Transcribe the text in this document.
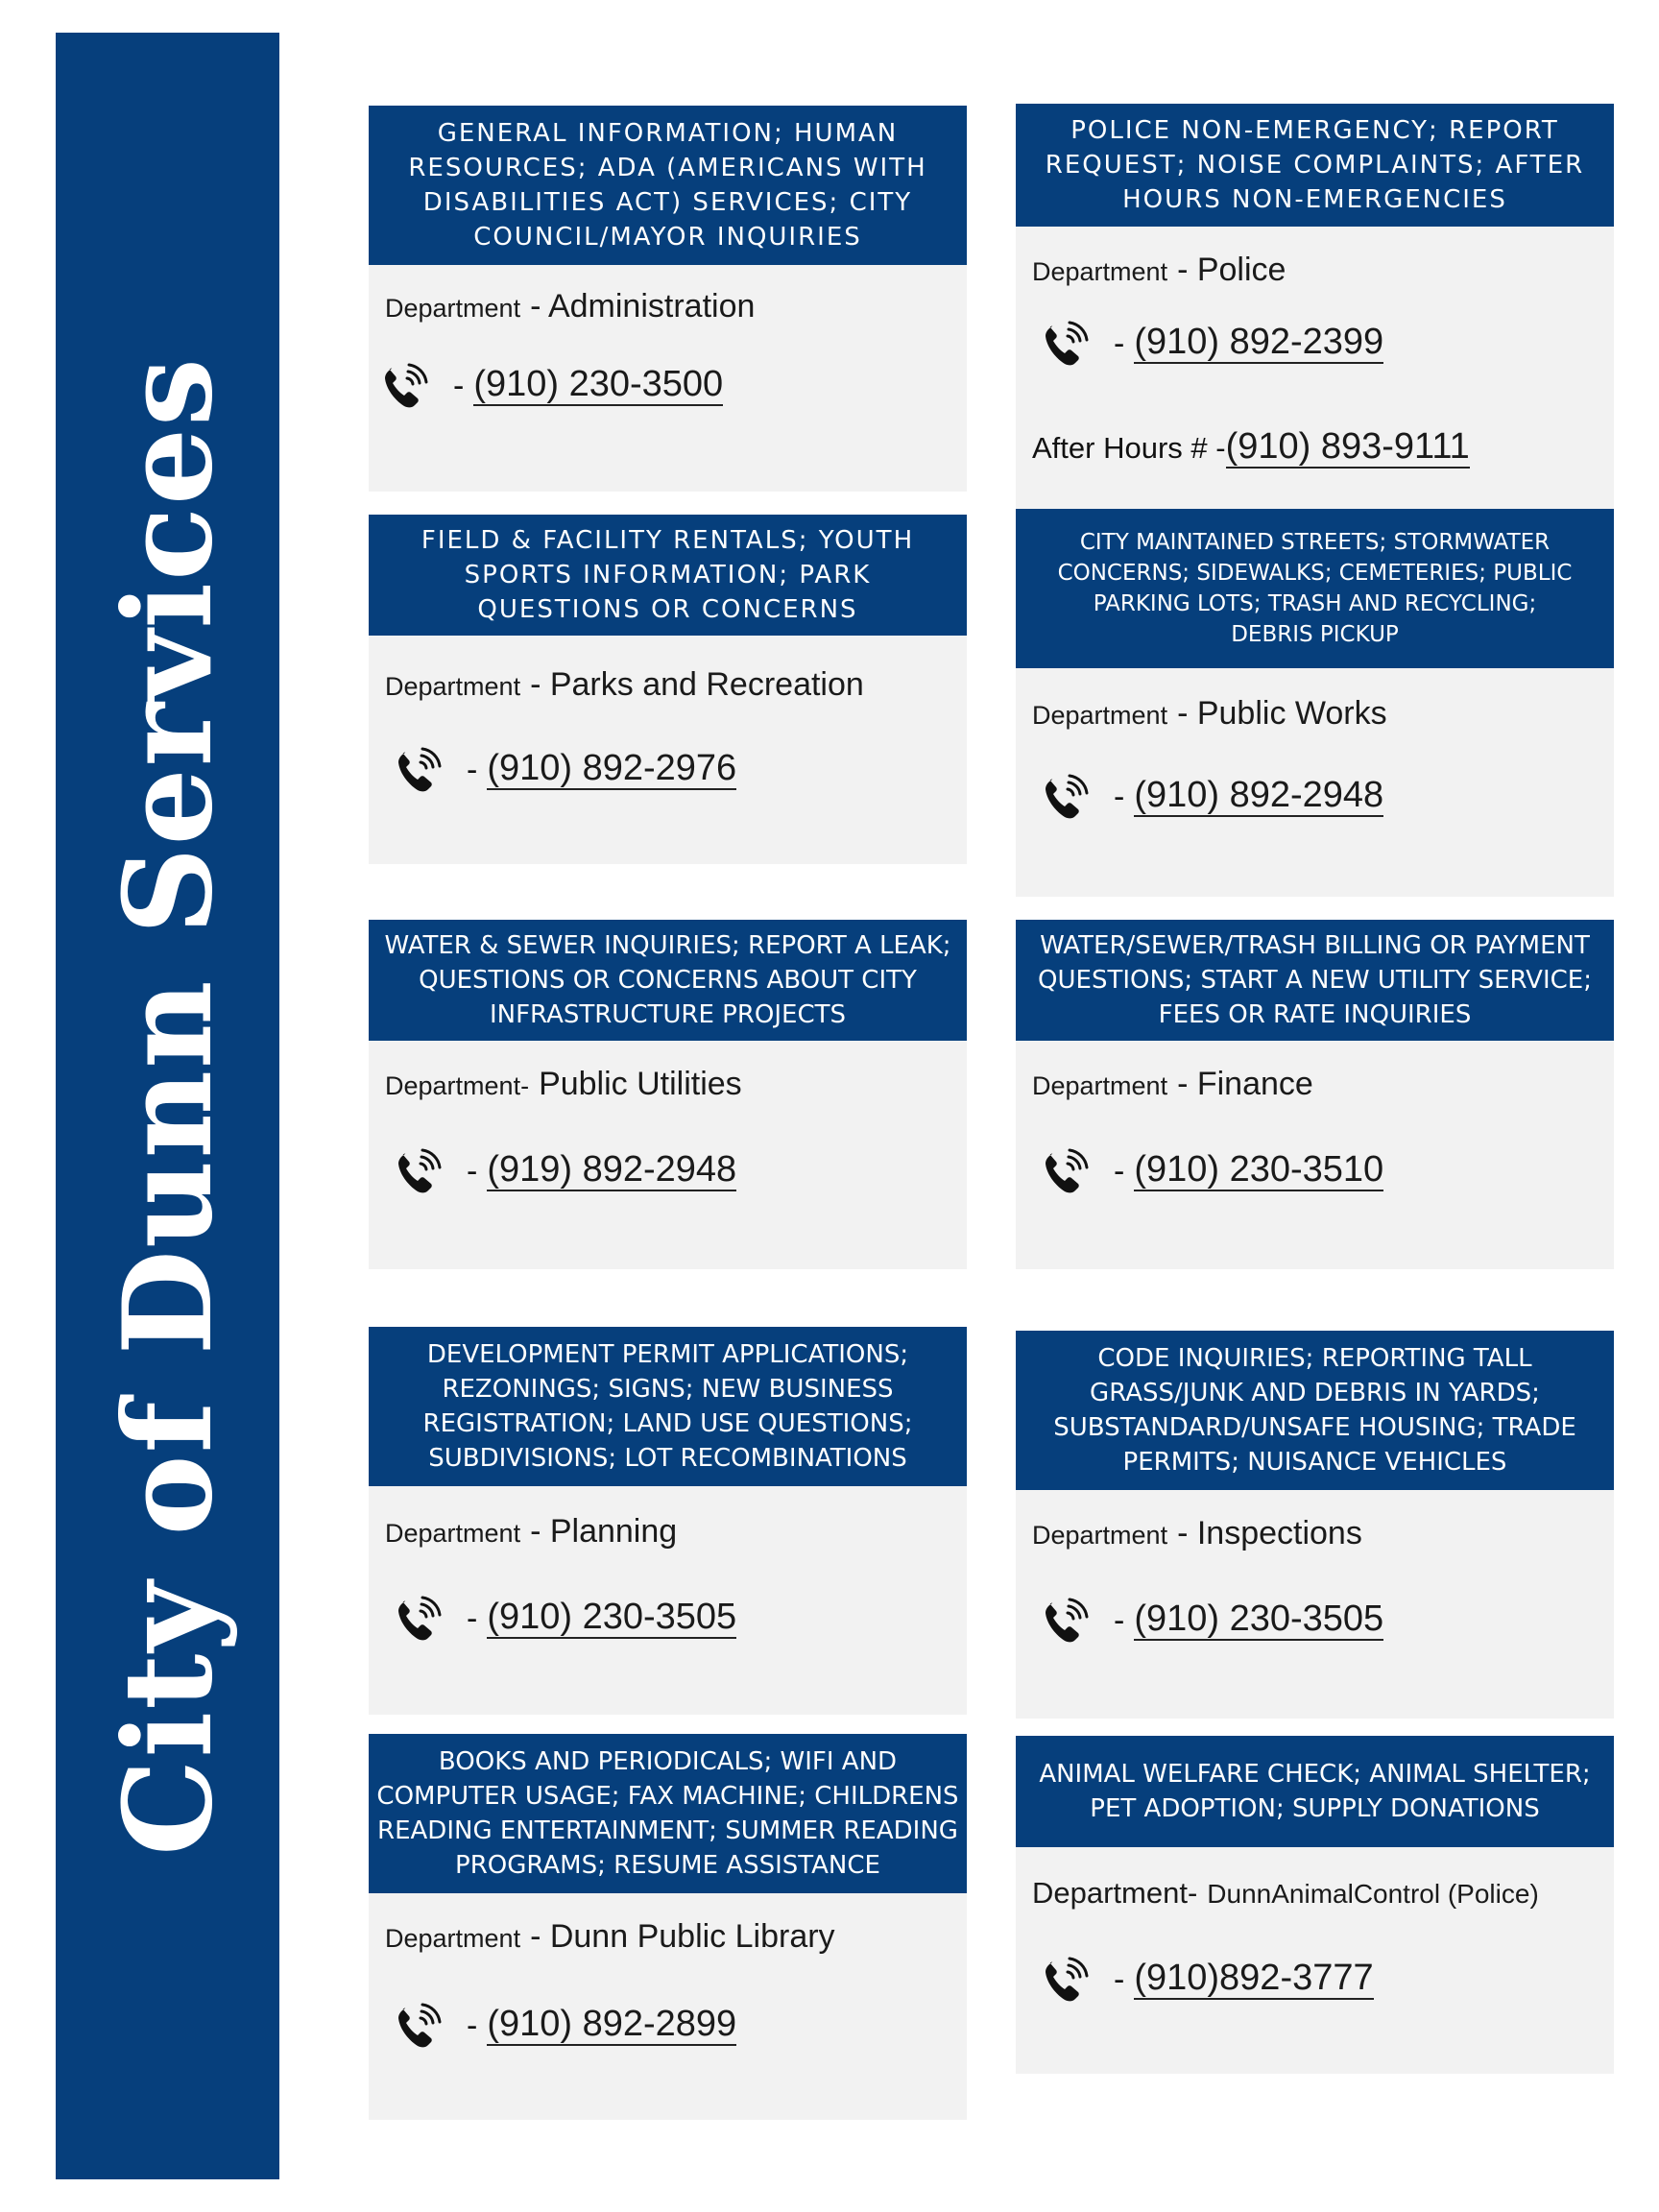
City of Dunn Services
GENERAL INFORMATION; HUMAN
RESOURCES; ADA (AMERICANS WITH
DISABILITIES ACT) SERVICES; CITY
COUNCIL/MAYOR INQUIRIES
Department - Administration
- (910) 230-3500
POLICE NON-EMERGENCY; REPORT
REQUEST; NOISE COMPLAINTS; AFTER
HOURS NON-EMERGENCIES
Department - Police
- (910) 892-2399
After Hours # -(910) 893-9111
FIELD & FACILITY RENTALS; YOUTH
SPORTS INFORMATION; PARK
QUESTIONS OR CONCERNS
Department - Parks and Recreation
- (910) 892-2976
CITY MAINTAINED STREETS; STORMWATER
CONCERNS; SIDEWALKS; CEMETERIES; PUBLIC
PARKING LOTS; TRASH AND RECYCLING;
DEBRIS PICKUP
Department - Public Works
- (910) 892-2948
WATER & SEWER INQUIRIES; REPORT A LEAK;
QUESTIONS OR CONCERNS ABOUT CITY
INFRASTRUCTURE PROJECTS
Department- Public Utilities
- (919) 892-2948
WATER/SEWER/TRASH BILLING OR PAYMENT
QUESTIONS; START A NEW UTILITY SERVICE;
FEES OR RATE INQUIRIES
Department - Finance
- (910) 230-3510
DEVELOPMENT PERMIT APPLICATIONS;
REZONINGS; SIGNS; NEW BUSINESS
REGISTRATION; LAND USE QUESTIONS;
SUBDIVISIONS; LOT RECOMBINATIONS
Department - Planning
- (910) 230-3505
CODE INQUIRIES; REPORTING TALL
GRASS/JUNK AND DEBRIS IN YARDS;
SUBSTANDARD/UNSAFE HOUSING; TRADE
PERMITS; NUISANCE VEHICLES
Department - Inspections
- (910) 230-3505
BOOKS AND PERIODICALS; WIFI AND
COMPUTER USAGE; FAX MACHINE; CHILDRENS
READING ENTERTAINMENT; SUMMER READING
PROGRAMS; RESUME ASSISTANCE
Department - Dunn Public Library
- (910) 892-2899
ANIMAL WELFARE CHECK; ANIMAL SHELTER;
PET ADOPTION; SUPPLY DONATIONS
Department- DunnAnimalControl (Police)
- (910)892-3777
